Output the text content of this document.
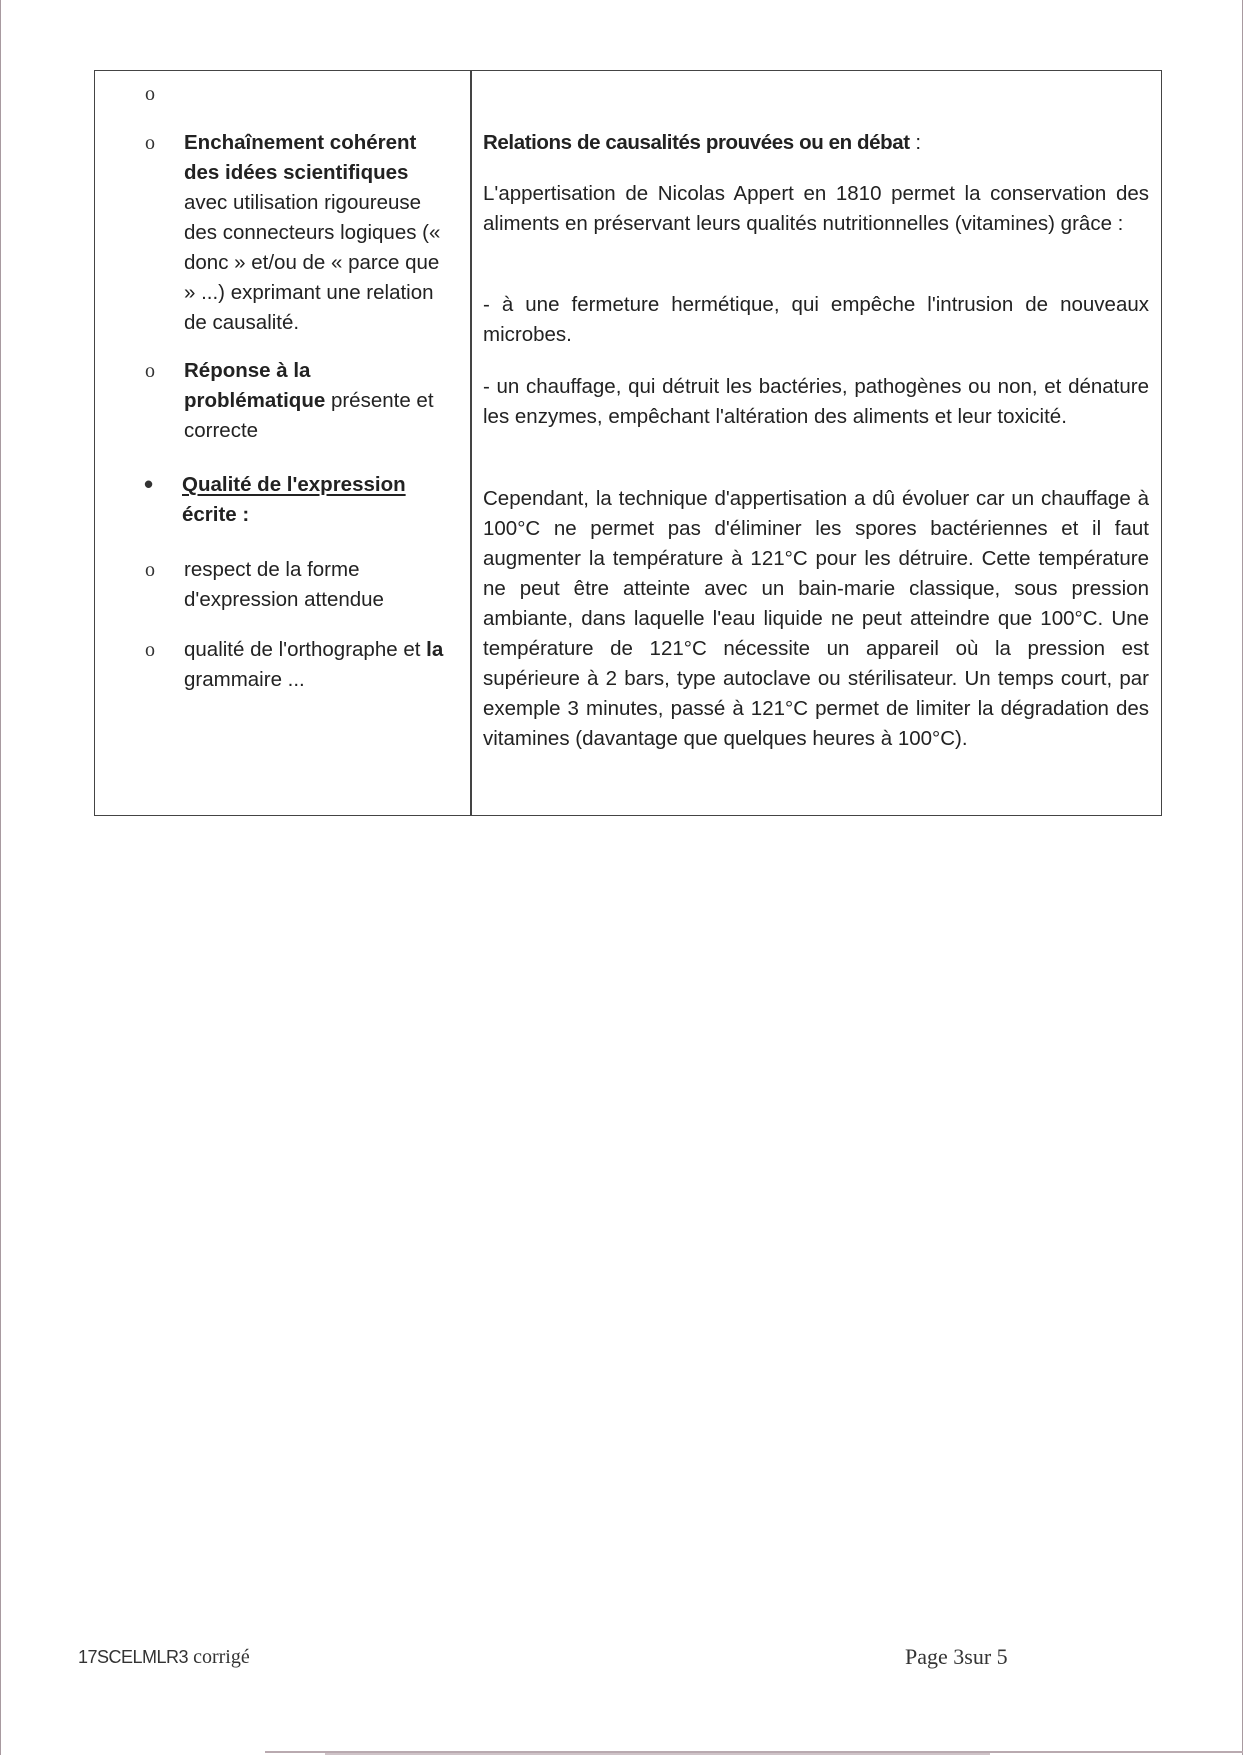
o
o Enchaînement cohérent des idées scientifiques avec utilisation rigoureuse des connecteurs logiques (« donc » et/ou de « parce que » ...) exprimant une relation de causalité.
o Réponse à la problématique présente et correcte
•	Qualité de l'expression écrite :
o respect de la forme d'expression attendue
o qualité de l'orthographe et la grammaire ...
Relations de causalités prouvées ou en débat :
L'appertisation de Nicolas Appert en 1810 permet la conservation des aliments en préservant leurs qualités nutritionnelles (vitamines) grâce :
- à une fermeture hermétique, qui empêche l'intrusion de nouveaux microbes.
- un chauffage, qui détruit les bactéries, pathogènes ou non, et dénature les enzymes, empêchant l'altération des aliments et leur toxicité.
Cependant, la technique d'appertisation a dû évoluer car un chauffage à 100°C ne permet pas d'éliminer les spores bactériennes et il faut augmenter la température à 121°C pour les détruire. Cette température ne peut être atteinte avec un bain-marie classique, sous pression ambiante, dans laquelle l'eau liquide ne peut atteindre que 100°C. Une température de 121°C nécessite un appareil où la pression est supérieure à 2 bars, type autoclave ou stérilisateur. Un temps court, par exemple 3 minutes, passé à 121°C permet de limiter la dégradation des vitamines (davantage que quelques heures à 100°C).
17SCELMLR3 corrigé	Page 3sur 5
